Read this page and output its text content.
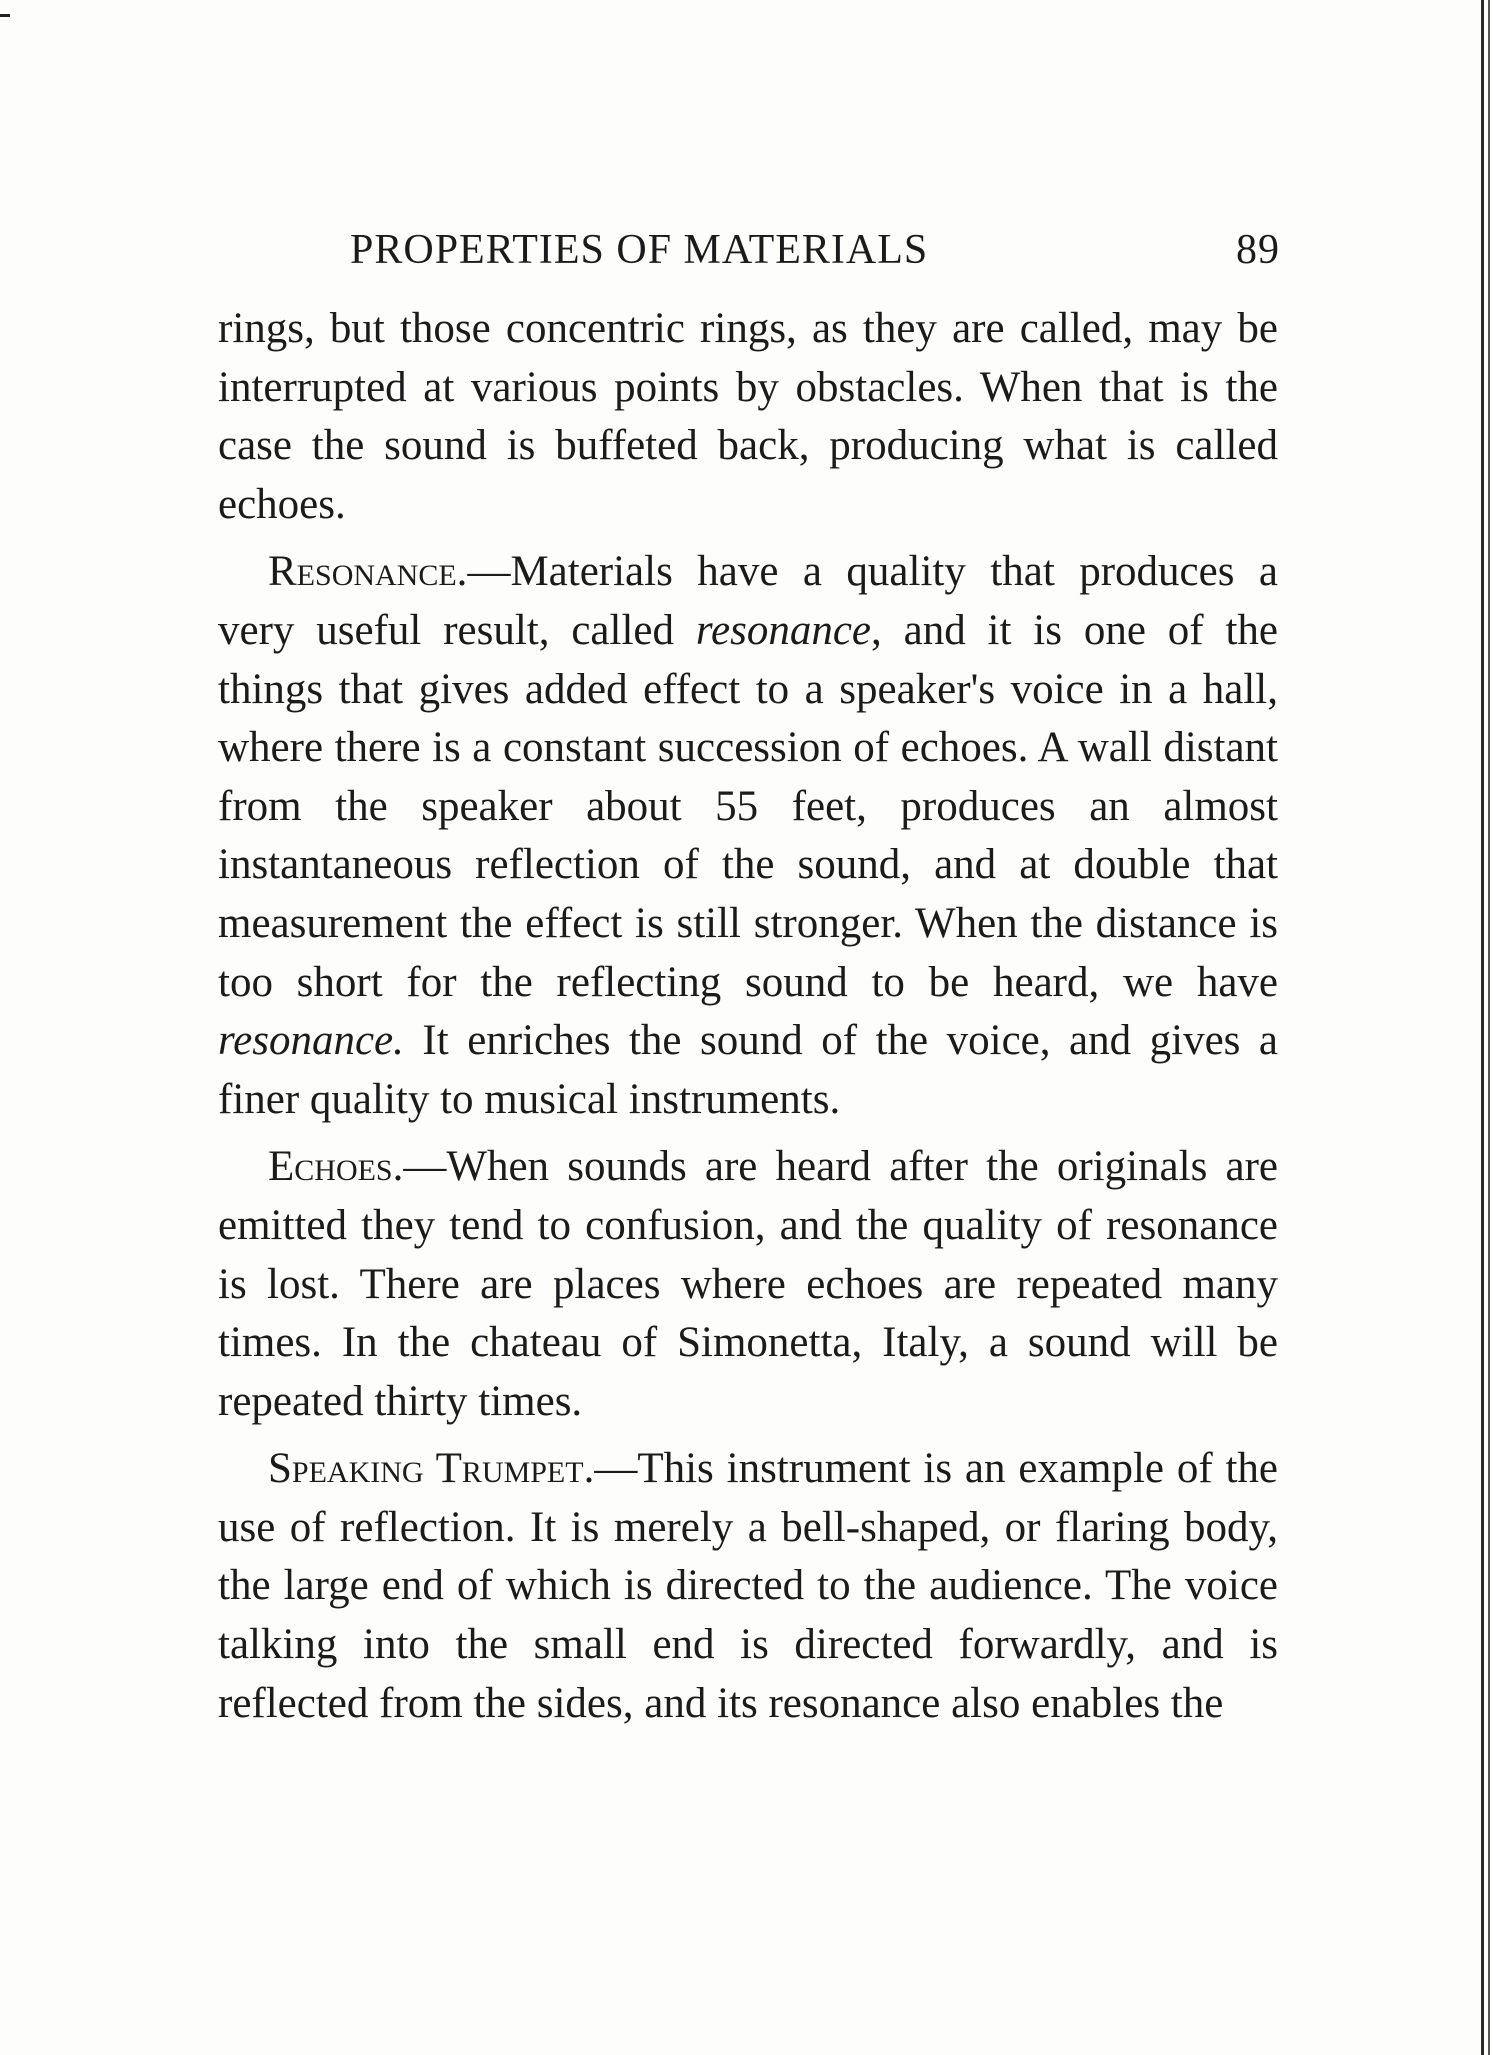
PROPERTIES OF MATERIALS	89

rings, but those concentric rings, as they are called, may be interrupted at various points by obstacles. When that is the case the sound is buffeted back, producing what is called echoes.

Resonance.—Materials have a quality that produces a very useful result, called resonance, and it is one of the things that gives added effect to a speaker's voice in a hall, where there is a constant succession of echoes. A wall distant from the speaker about 55 feet, produces an almost instantaneous reflection of the sound, and at double that measurement the effect is still stronger. When the distance is too short for the reflecting sound to be heard, we have resonance. It enriches the sound of the voice, and gives a finer quality to musical instruments.

Echoes.—When sounds are heard after the originals are emitted they tend to confusion, and the quality of resonance is lost. There are places where echoes are repeated many times. In the chateau of Simonetta, Italy, a sound will be repeated thirty times.

Speaking Trumpet.—This instrument is an example of the use of reflection. It is merely a bell-shaped, or flaring body, the large end of which is directed to the audience. The voice talking into the small end is directed forwardly, and is reflected from the sides, and its resonance also enables the
